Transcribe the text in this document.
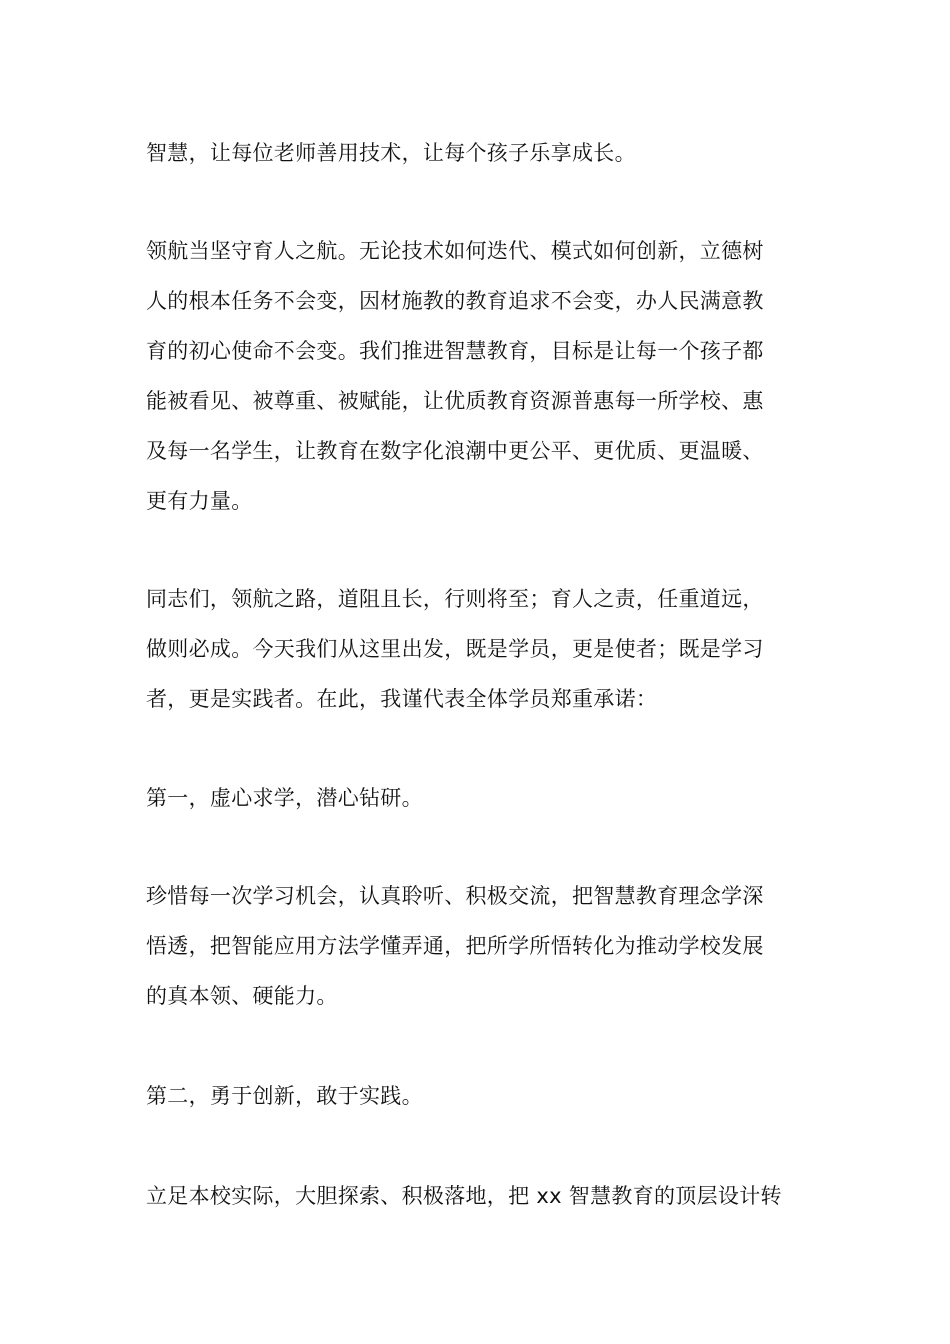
智慧，让每位老师善用技术，让每个孩子乐享成长。
领航当坚守育人之航。无论技术如何迭代、模式如何创新，立德树
人的根本任务不会变，因材施教的教育追求不会变，办人民满意教
育的初心使命不会变。我们推进智慧教育，目标是让每一个孩子都
能被看见、被尊重、被赋能，让优质教育资源普惠每一所学校、惠
及每一名学生，让教育在数字化浪潮中更公平、更优质、更温暖、
更有力量。
同志们，领航之路，道阻且长，行则将至；育人之责，任重道远，
做则必成。今天我们从这里出发，既是学员，更是使者；既是学习
者，更是实践者。在此，我谨代表全体学员郑重承诺：
第一，虚心求学，潜心钻研。
珍惜每一次学习机会，认真聆听、积极交流，把智慧教育理念学深
悟透，把智能应用方法学懂弄通，把所学所悟转化为推动学校发展
的真本领、硬能力。
第二，勇于创新，敢于实践。
立足本校实际，大胆探索、积极落地，把 xx 智慧教育的顶层设计转
